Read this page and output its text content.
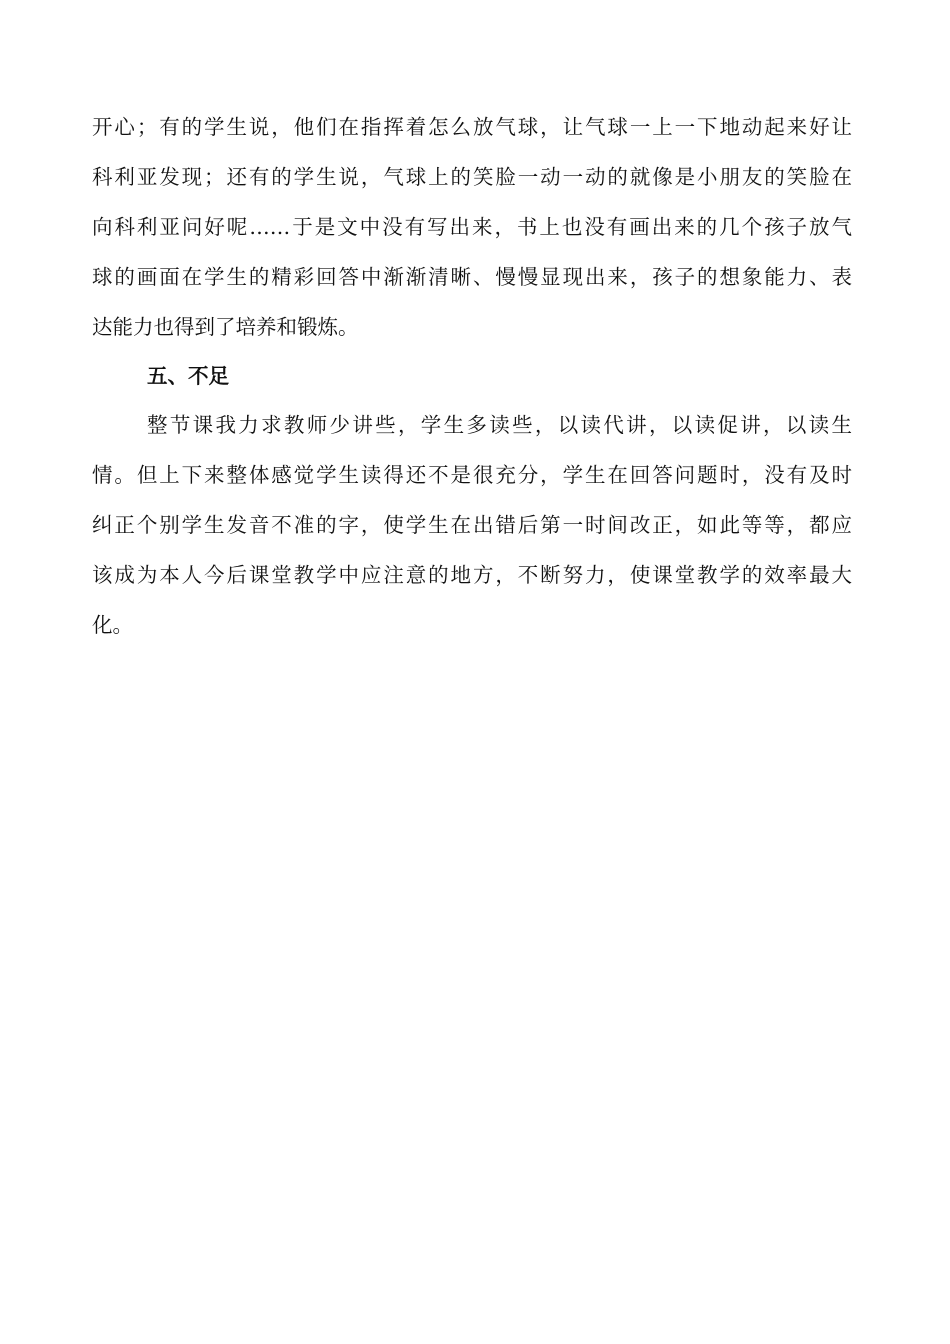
开心；有的学生说，他们在指挥着怎么放气球，让气球一上一下地动起来好让
科利亚发现；还有的学生说，气球上的笑脸一动一动的就像是小朋友的笑脸在
向科利亚问好呢……于是文中没有写出来，书上也没有画出来的几个孩子放气
球的画面在学生的精彩回答中渐渐清晰、慢慢显现出来，孩子的想象能力、表
达能力也得到了培养和锻炼。
五、不足
整节课我力求教师少讲些，学生多读些，以读代讲，以读促讲，以读生
情。但上下来整体感觉学生读得还不是很充分，学生在回答问题时，没有及时
纠正个别学生发音不准的字，使学生在出错后第一时间改正，如此等等，都应
该成为本人今后课堂教学中应注意的地方，不断努力，使课堂教学的效率最大
化。
